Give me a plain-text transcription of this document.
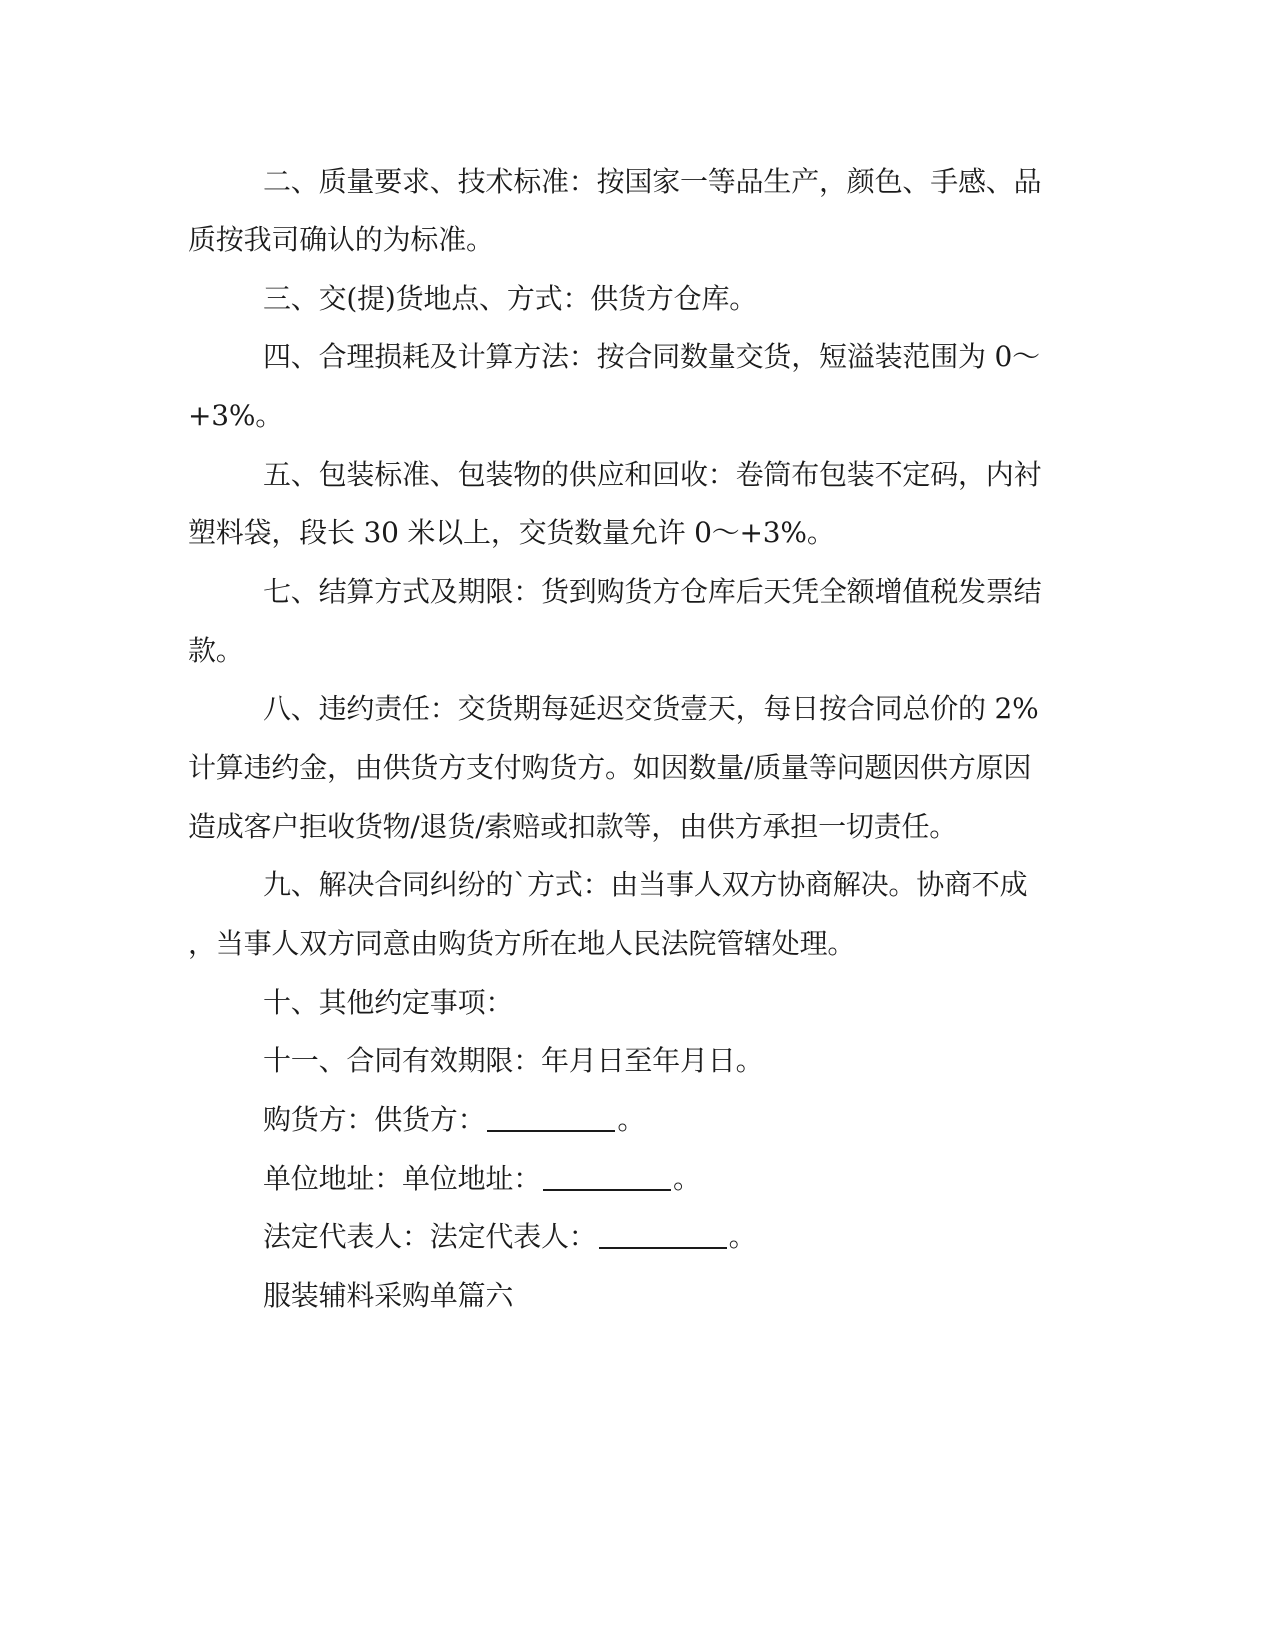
二、质量要求、技术标准：按国家一等品生产，颜色、手感、品
质按我司确认的为标准。
三、交(提)货地点、方式：供货方仓库。
四、合理损耗及计算方法：按合同数量交货，短溢装范围为 0～
+3%。
五、包装标准、包装物的供应和回收：卷筒布包装不定码，内衬
塑料袋，段长 30 米以上，交货数量允许 0～+3%。
七、结算方式及期限：货到购货方仓库后天凭全额增值税发票结
款。
八、违约责任：交货期每延迟交货壹天，每日按合同总价的 2%
计算违约金，由供货方支付购货方。如因数量/质量等问题因供方原因
造成客户拒收货物/退货/索赔或扣款等，由供方承担一切责任。
九、解决合同纠纷的`方式：由当事人双方协商解决。协商不成
，当事人双方同意由购货方所在地人民法院管辖处理。
十、其他约定事项：
十一、合同有效期限：年月日至年月日。
购货方：供货方：	。
单位地址：单位地址：	。
法定代表人：法定代表人：	。
服装辅料采购单篇六
